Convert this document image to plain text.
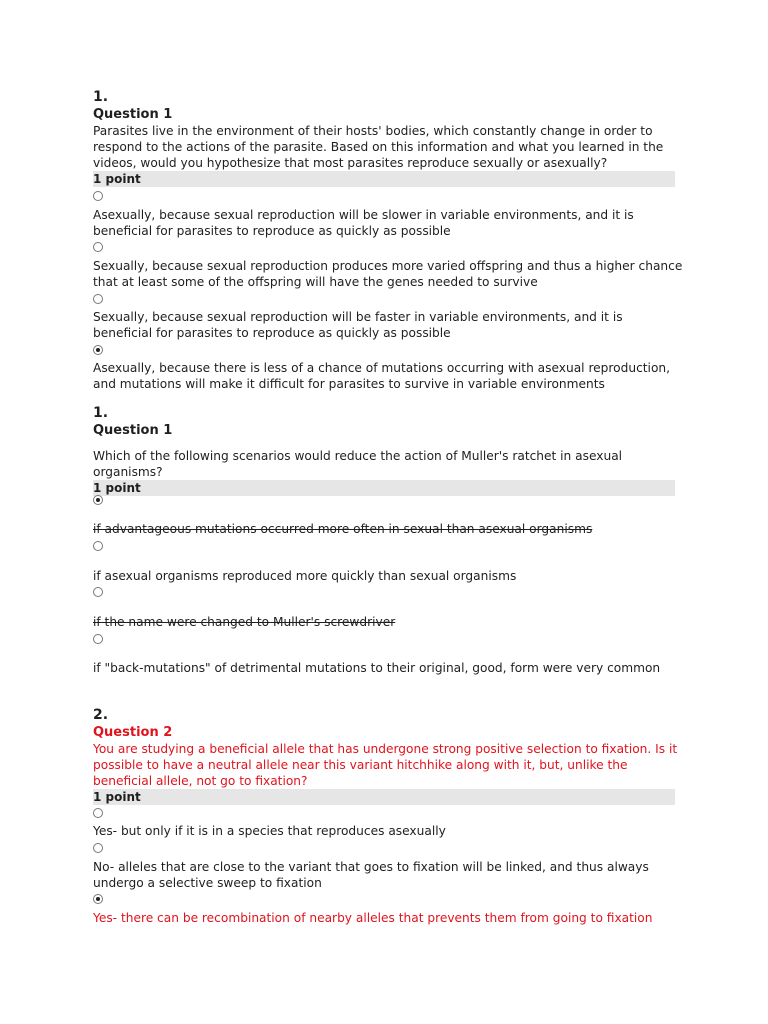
1.

Question 1

Parasites live in the environment of their hosts' bodies, which constantly change in order to respond to the actions of the parasite. Based on this information and what you learned in the videos, would you hypothesize that most parasites reproduce sexually or asexually?

1 point

Asexually, because sexual reproduction will be slower in variable environments, and it is beneficial for parasites to reproduce as quickly as possible

Sexually, because sexual reproduction produces more varied offspring and thus a higher chance that at least some of the offspring will have the genes needed to survive

Sexually, because sexual reproduction will be faster in variable environments, and it is beneficial for parasites to reproduce as quickly as possible

Asexually, because there is less of a chance of mutations occurring with asexual reproduction, and mutations will make it difficult for parasites to survive in variable environments

1.

Question 1

Which of the following scenarios would reduce the action of Muller's ratchet in asexual organisms?

1 point

if advantageous mutations occurred more often in sexual than asexual organisms

if asexual organisms reproduced more quickly than sexual organisms

if the name were changed to Muller's screwdriver

if "back-mutations" of detrimental mutations to their original, good, form were very common

2.

Question 2

You are studying a beneficial allele that has undergone strong positive selection to fixation. Is it possible to have a neutral allele near this variant hitchhike along with it, but, unlike the beneficial allele, not go to fixation?

1 point

Yes- but only if it is in a species that reproduces asexually

No- alleles that are close to the variant that goes to fixation will be linked, and thus always undergo a selective sweep to fixation

Yes- there can be recombination of nearby alleles that prevents them from going to fixation
